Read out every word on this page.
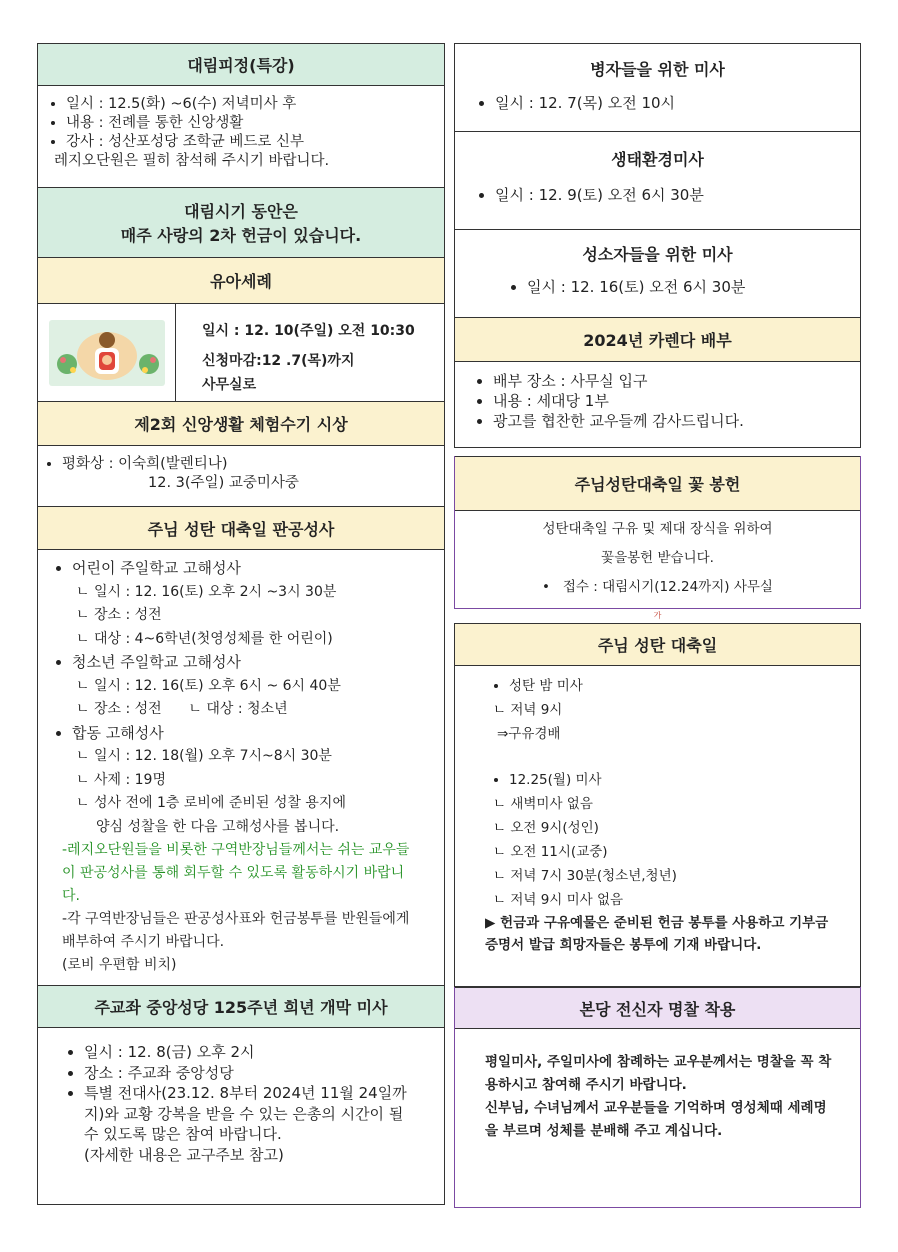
대림피정(특강)
• 일시 : 12.5(화) ~6(수) 저녁미사 후
• 내용 : 전례를 통한 신앙생활
• 강사 : 성산포성당 조학균 베드로 신부
레지오단원은 필히 참석해 주시기 바랍니다.
대림시기 동안은
매주 사랑의 2차 헌금이 있습니다.
유아세례
일시 : 12. 10(주일) 오전 10:30
신청마감:12 .7(목)까지
사무실로
제2회 신앙생활 체험수기 시상
• 평화상 : 이숙희(발렌티나)
12. 3(주일) 교중미사중
주님 성탄 대축일 판공성사
• 어린이 주일학교 고해성사
ㄴ 일시 : 12. 16(토) 오후 2시 ~3시 30분
ㄴ 장소 : 성전
ㄴ 대상 : 4~6학년(첫영성체를 한 어린이)
• 청소년 주일학교 고해성사
ㄴ 일시 : 12. 16(토) 오후 6시 ~ 6시 40분
ㄴ 장소 : 성전      ㄴ 대상 : 청소년
• 합동 고해성사
ㄴ 일시 : 12. 18(월) 오후 7시~8시 30분
ㄴ 사제 : 19명
ㄴ 성사 전에 1층 로비에 준비된 성찰 용지에
양심 성찰을 한 다음 고해성사를 봅니다.
-레지오단원들을 비롯한 구역반장님들께서는 쉬는 교우들이 판공성사를 통해 회두할 수 있도록 활동하시기 바랍니다.
-각 구역반장님들은 판공성사표와 헌금봉투를 반원들에게 배부하여 주시기 바랍니다.
(로비 우편함 비치)
주교좌 중앙성당 125주년 희년 개막 미사
• 일시 : 12. 8(금) 오후 2시
• 장소 : 주교좌 중앙성당
• 특별 전대사(23.12. 8부터 2024년 11월 24일까지)와 교황 강복을 받을 수 있는 은총의 시간이 될수 있도록 많은 참여 바랍니다.
(자세한 내용은 교구주보 참고)
병자들을 위한 미사
• 일시 : 12. 7(목) 오전 10시
생태환경미사
• 일시 : 12. 9(토) 오전 6시 30분
성소자들을 위한 미사
• 일시 : 12. 16(토) 오전 6시 30분
2024년 카렌다 배부
• 배부 장소 : 사무실 입구
• 내용 : 세대당 1부
• 광고를 협찬한 교우들께 감사드립니다.
주님성탄대축일 꽃 봉헌
성탄대축일 구유 및 제대 장식을 위하여
꽃을봉헌 받습니다.
•   접수 : 대림시기(12.24까지) 사무실
가
주님 성탄 대축일
• 성탄 밤 미사
ㄴ 저녁 9시
⇒구유경배
• 12.25(월) 미사
ㄴ 새벽미사 없음
ㄴ 오전 9시(성인)
ㄴ 오전 11시(교중)
ㄴ 저녁 7시 30분(청소년,청년)
ㄴ 저녁 9시 미사 없음
▶ 헌금과 구유예물은 준비된 헌금 봉투를 사용하고 기부금 증명서 발급 희망자들은 봉투에 기재 바랍니다.
본당 전신자 명찰 착용
평일미사, 주일미사에 참례하는 교우분께서는 명찰을 꼭 착용하시고 참여해 주시기 바랍니다.
신부님, 수녀님께서 교우분들을 기억하며 영성체때 세례명을 부르며 성체를 분배해 주고 계십니다.
